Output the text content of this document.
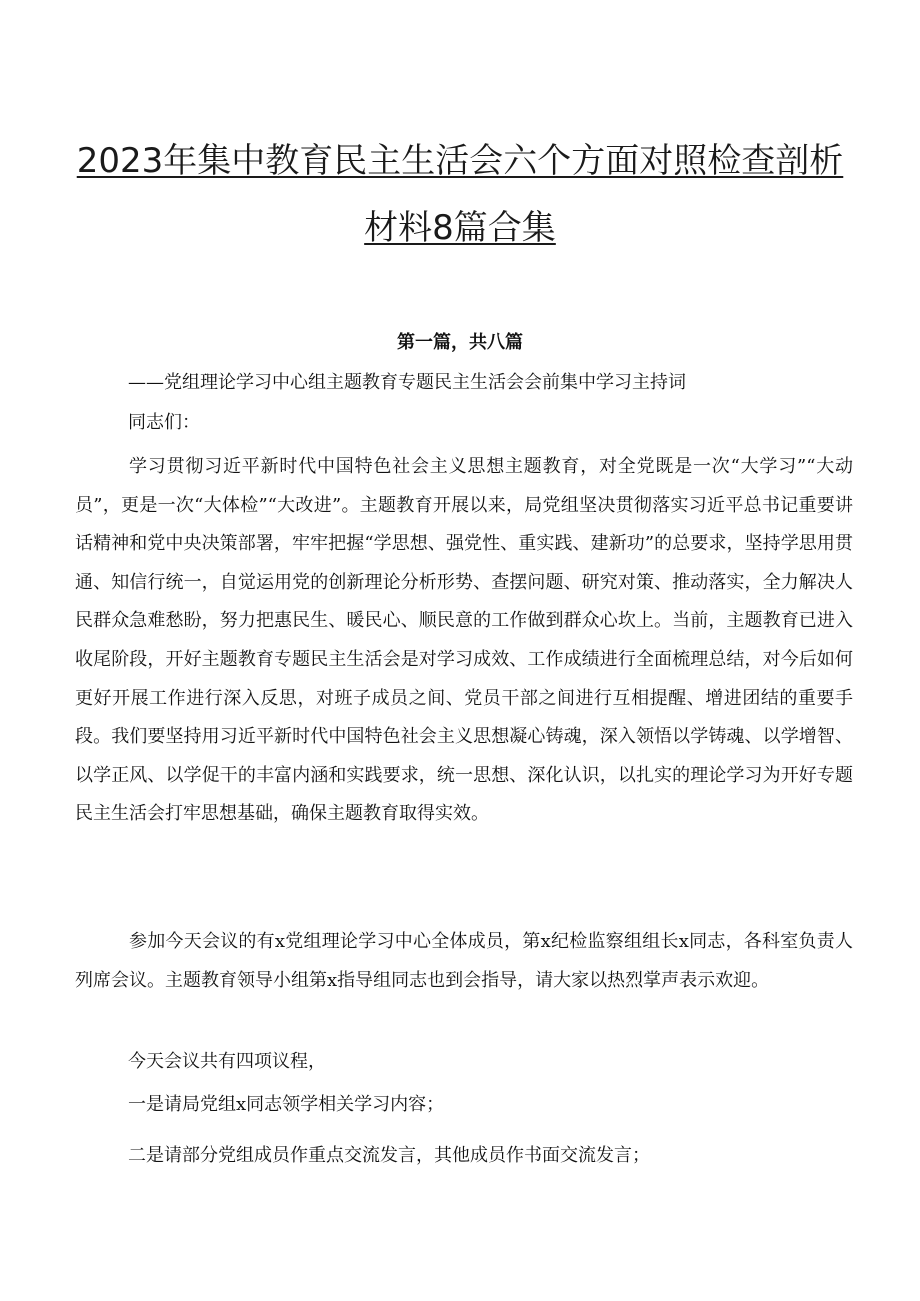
2023年集中教育民主生活会六个方面对照检查剖析
材料8篇合集
第一篇，共八篇
——党组理论学习中心组主题教育专题民主生活会会前集中学习主持词
同志们：

学习贯彻习近平新时代中国特色社会主义思想主题教育，对全党既是一次“大学习”“大动员”，更是一次“大体检”“大改进”。主题教育开展以来，局党组坚决贯彻落实习近平总书记重要讲话精神和党中央决策部署，牢牢把握“学思想、强党性、重实践、建新功”的总要求，坚持学思用贯通、知信行统一，自觉运用党的创新理论分析形势、查摆问题、研究对策、推动落实，全力解决人民群众急难愁盼，努力把惠民生、暖民心、顺民意的工作做到群众心坎上。当前，主题教育已进入收尾阶段，开好主题教育专题民主生活会是对学习成效、工作成绩进行全面梳理总结，对今后如何更好开展工作进行深入反思，对班子成员之间、党员干部之间进行互相提醒、增进团结的重要手段。我们要坚持用习近平新时代中国特色社会主义思想凝心铸魂，深入领悟以学铸魂、以学增智、以学正风、以学促干的丰富内涵和实践要求，统一思想、深化认识，以扎实的理论学习为开好专题民主生活会打牢思想基础，确保主题教育取得实效。

参加今天会议的有x党组理论学习中心全体成员，第x纪检监察组组长x同志，各科室负责人列席会议。主题教育领导小组第x指导组同志也到会指导，请大家以热烈掌声表示欢迎。

今天会议共有四项议程，
一是请局党组x同志领学相关学习内容；
二是请部分党组成员作重点交流发言，其他成员作书面交流发言；
